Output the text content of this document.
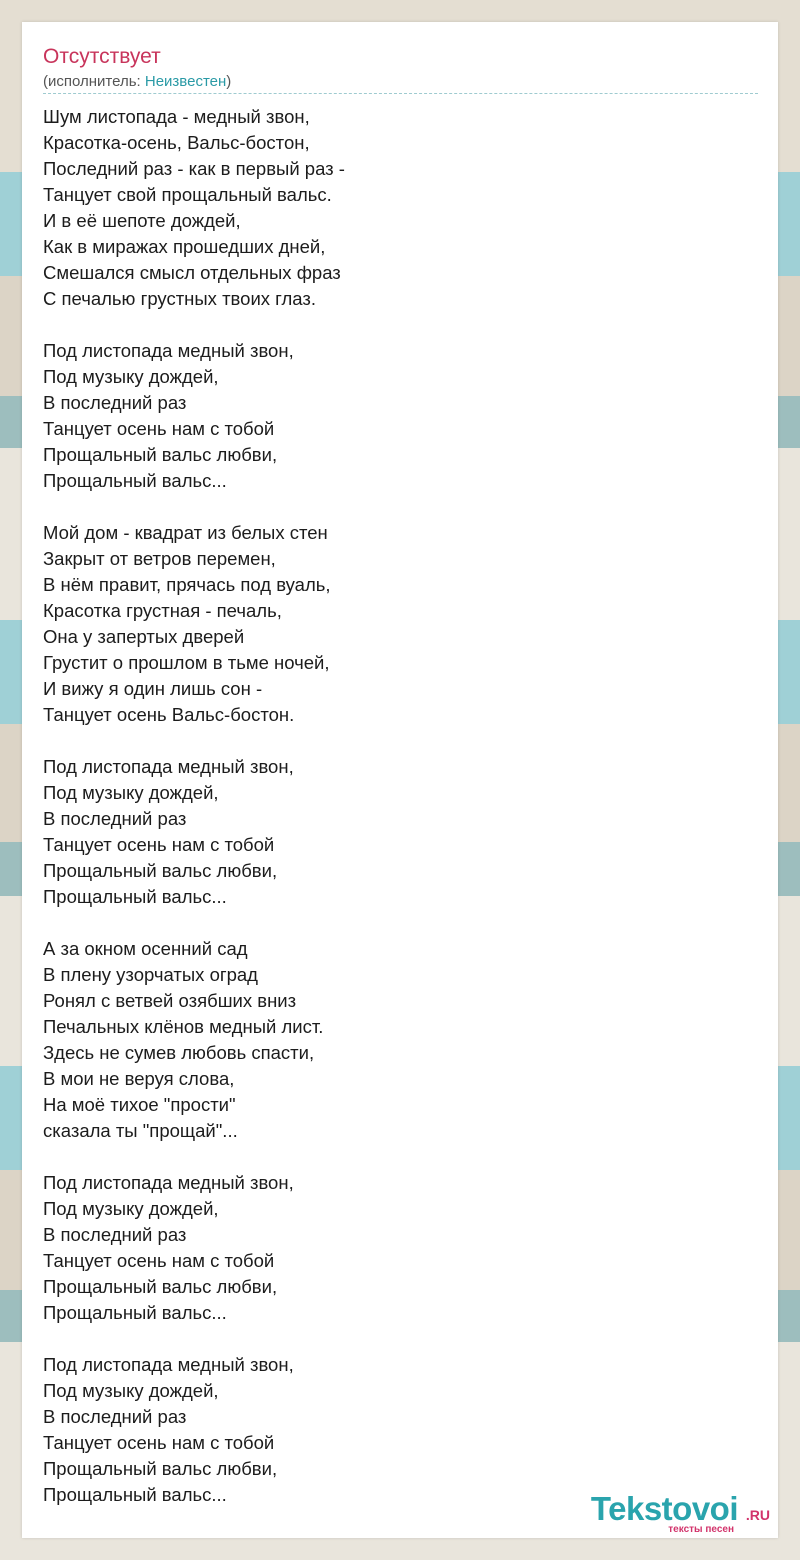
Отсутствует
(исполнитель: Неизвестен)
Шум листопада - медный звон,
Красотка-осень, Вальс-бостон,
Последний раз - как в первый раз -
Танцует свой прощальный вальс.
И в её шепоте дождей,
Как в миражах прошедших дней,
Смешался смысл отдельных фраз
С печалью грустных твоих глаз.
Под листопада медный звон,
Под музыку дождей,
В последний раз
Танцует осень нам с тобой
Прощальный вальс любви,
Прощальный вальс...
Мой дом - квадрат из белых стен
Закрыт от ветров перемен,
В нём правит, прячась под вуаль,
Красотка грустная - печаль,
Она у запертых дверей
Грустит о прошлом в тьме ночей,
И вижу я один лишь сон -
Танцует осень Вальс-бостон.
Под листопада медный звон,
Под музыку дождей,
В последний раз
Танцует осень нам с тобой
Прощальный вальс любви,
Прощальный вальс...
А за окном осенний сад
В плену узорчатых оград
Ронял с ветвей озябших вниз
Печальных клёнов медный лист.
Здесь не сумев любовь спасти,
В мои не веруя слова,
На моё тихое "прости"
сказала ты "прощай"...
Под листопада медный звон,
Под музыку дождей,
В последний раз
Танцует осень нам с тобой
Прощальный вальс любви,
Прощальный вальс...
Под листопада медный звон,
Под музыку дождей,
В последний раз
Танцует осень нам с тобой
Прощальный вальс любви,
Прощальный вальс...	Tekstovoi .RU
тексты песен
